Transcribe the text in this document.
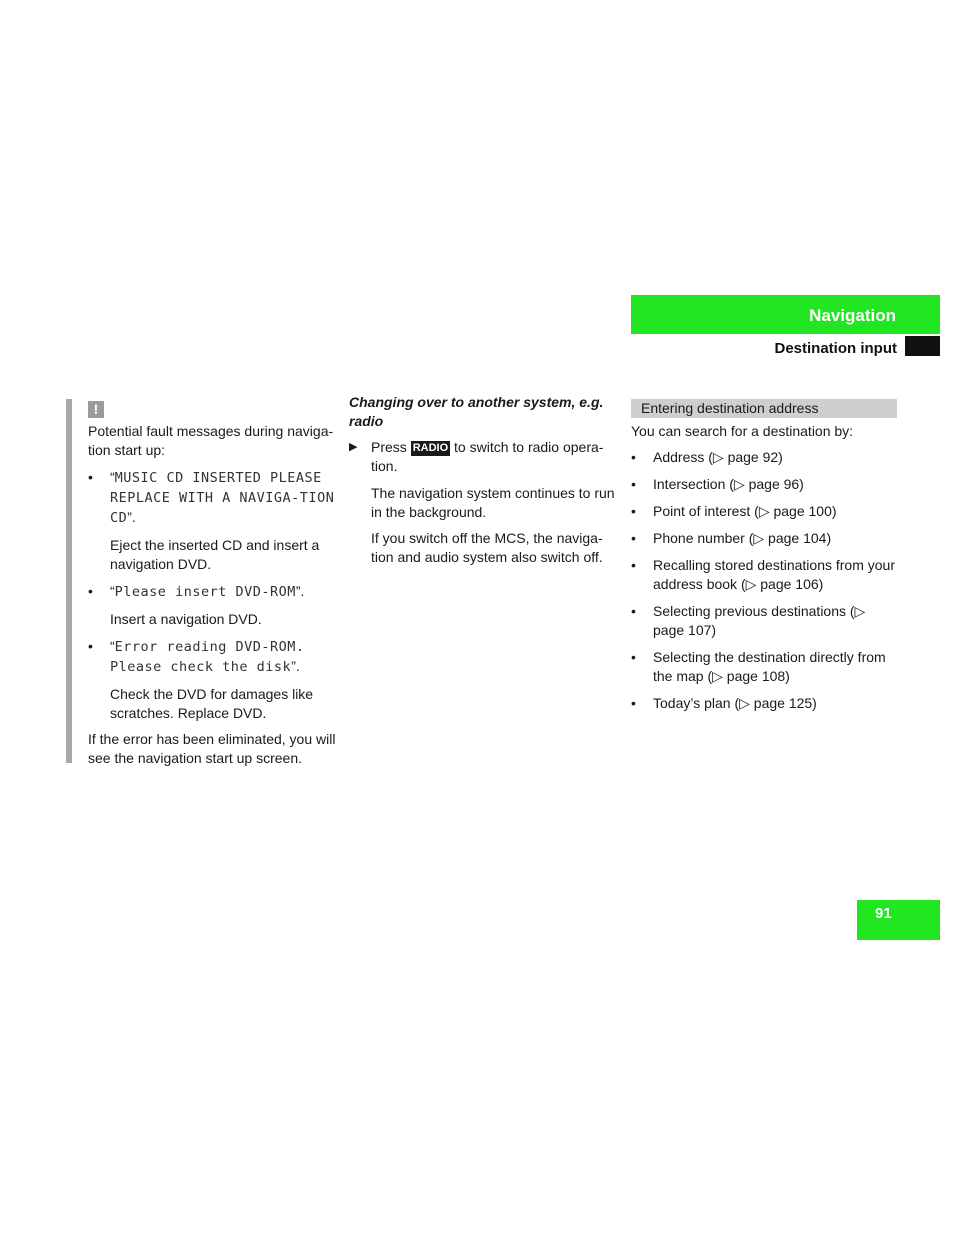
Navigation
Destination input
!

Potential fault messages during naviga-tion start up:

• “MUSIC CD INSERTED PLEASE REPLACE WITH A NAVIGA-TION CD”.

Eject the inserted CD and insert a navigation DVD.

• “Please insert DVD-ROM”.

Insert a navigation DVD.

• “Error reading DVD-ROM. Please check the disk”.

Check the DVD for damages like scratches. Replace DVD.

If the error has been eliminated, you will see the navigation start up screen.

Changing over to another system, e.g. radio

▶ Press RADIO to switch to radio opera-tion.

The navigation system continues to run in the background.

If you switch off the MCS, the naviga-tion and audio system also switch off.

Entering destination address

You can search for a destination by:

• Address (▷ page 92)
• Intersection (▷ page 96)
• Point of interest (▷ page 100)
• Phone number (▷ page 104)
• Recalling stored destinations from your address book (▷ page 106)
• Selecting previous destinations (▷ page 107)
• Selecting the destination directly from the map (▷ page 108)
• Today’s plan (▷ page 125)
91
